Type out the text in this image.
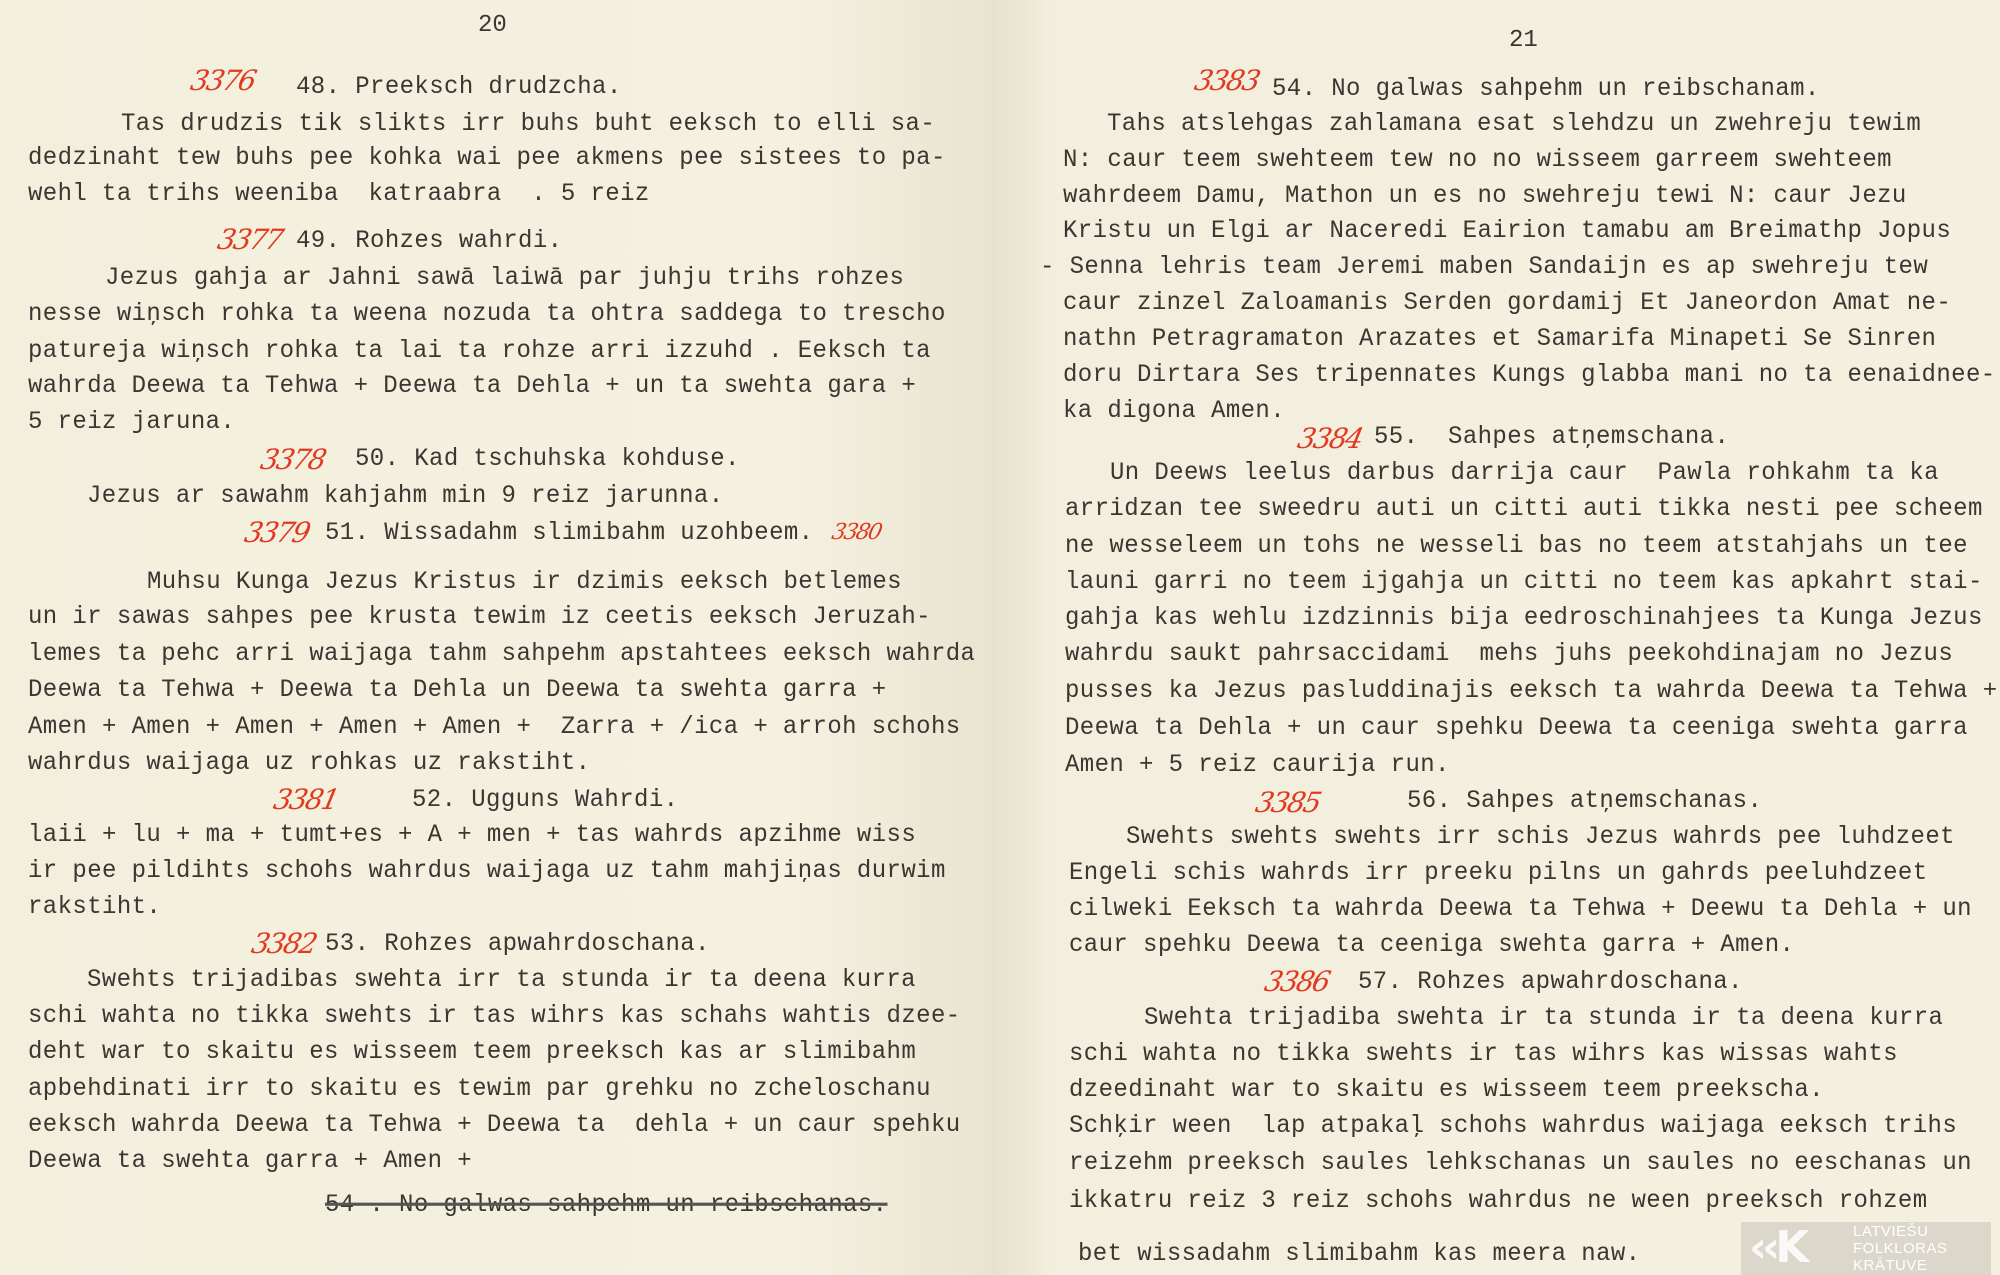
20
3376 48. Preeksch drudzcha.
Tas drudzis tik slikts irr buhs buht eeksch to elli sa-
dedzinaht tew buhs pee kohka wai pee akmens pee sistees to pa-
wehl ta trihs weeniba  katraabra  . 5 reiz
3377 49. Rohzes wahrdi.
Jezus gahja ar Jahni sawā laiwā par juhju trihs rohzes
nesse wiņsch rohka ta weena nozuda ta ohtra saddega to trescho
patureja wiņsch rohka ta lai ta rohze arri izzuhd . Eeksch ta
wahrda Deewa ta Tehwa + Deewa ta Dehla + un ta swehta gara +
5 reiz jaruna.
3378 50. Kad tschuhska kohduse.
Jezus ar sawahm kahjahm min 9 reiz jarunna.
3379 51. Wissadahm slimibahm uzohbeem. 3380
Muhsu Kunga Jezus Kristus ir dzimis eeksch betlemes
un ir sawas sahpes pee krusta tewim iz ceetis eeksch Jeruzah-
lemes ta pehc arri waijaga tahm sahpehm apstahtees eeksch wahrda
Deewa ta Tehwa + Deewa ta Dehla un Deewa ta swehta garra +
Amen + Amen + Amen + Amen + Amen +  Zarra + /ica + arroh schohs
wahrdus waijaga uz rohkas uz rakstiht.
3381	52. Ugguns Wahrdi.
laii + lu + ma + tumt+es + A + men + tas wahrds apzihme wiss
ir pee pildihts schohs wahrdus waijaga uz tahm mahjiņas durwim
rakstiht.
3382 53. Rohzes apwahrdoschana.
Swehts trijadibas swehta irr ta stunda ir ta deena kurra
schi wahta no tikka swehts ir tas wihrs kas schahs wahtis dzee-
deht war to skaitu es wisseem teem preeksch kas ar slimibahm
apbehdinati irr to skaitu es tewim par grehku no zcheloschanu
eeksch wahrda Deewa ta Tehwa + Deewa ta  dehla + un caur spehku
Deewa ta swehta garra + Amen +
54 . No galwas sahpehm un reibschanas.
21
3383 54. No galwas sahpehm un reibschanam.
Tahs atslehgas zahlamana esat slehdzu un zwehreju tewim
N: caur teem swehteem tew no no wisseem garreem swehteem
wahrdeem Damu, Mathon un es no swehreju tewi N: caur Jezu
Kristu un Elgi ar Naceredi Eairion tamabu am Breimathp Jopus
- Senna lehris team Jeremi maben Sandaijn es ap swehreju tew
caur zinzel Zaloamanis Serden gordamij Et Janeordon Amat ne-
nathn Petragramaton Arazates et Samarifa Minapeti Se Sinren
doru Dirtara Ses tripennates Kungs glabba mani no ta eenaidnee-
ka digona Amen.
3384 55.  Sahpes atņemschana.
Un Deews leelus darbus darrija caur  Pawla rohkahm ta ka
arridzan tee sweedru auti un citti auti tikka nesti pee scheem
ne wesseleem un tohs ne wesseli bas no teem atstahjahs un tee
launi garri no teem ijgahja un citti no teem kas apkahrt stai-
gahja kas wehlu izdzinnis bija eedroschinahjees ta Kunga Jezus
wahrdu saukt pahrsaccidami  mehs juhs peekohdinajam no Jezus
pusses ka Jezus pasluddinajis eeksch ta wahrda Deewa ta Tehwa +
Deewa ta Dehla + un caur spehku Deewa ta ceeniga swehta garra
Amen + 5 reiz caurija run.
3385	56. Sahpes atņemschanas.
Swehts swehts swehts irr schis Jezus wahrds pee luhdzeet
Engeli schis wahrds irr preeku pilns un gahrds peeluhdzeet
cilweki Eeksch ta wahrda Deewa ta Tehwa + Deewu ta Dehla + un
caur spehku Deewa ta ceeniga swehta garra + Amen.
3386 57. Rohzes apwahrdoschana.
Swehta trijadiba swehta ir ta stunda ir ta deena kurra
schi wahta no tikka swehts ir tas wihrs kas wissas wahts
dzeedinaht war to skaitu es wisseem teem preekscha.
Schķir ween  lap atpakaļ schohs wahrdus waijaga eeksch trihs
reizehm preeksch saules lehkschanas un saules no eeschanas un
ikkatru reiz 3 reiz schohs wahrdus ne ween preeksch rohzem
bet wissadahm slimibahm kas meera naw. ‹‹K	LATVIEŠU
FOLKLORAS
KRĀTUVE
